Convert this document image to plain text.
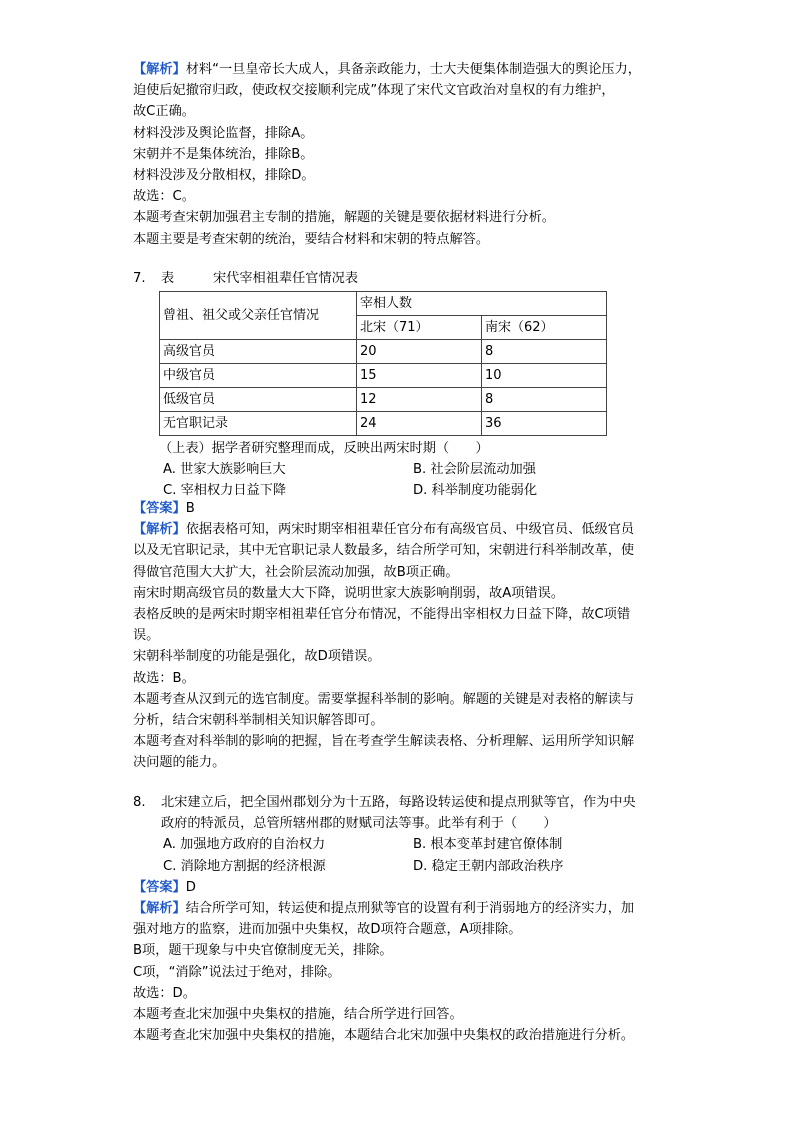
【解析】材料“一旦皇帝长大成人，具备亲政能力，士大夫便集体制造强大的舆论压力，
迫使后妃撤帘归政，使政权交接顺利完成”体现了宋代文官政治对皇权的有力维护，
故C正确。
材料没涉及舆论监督，排除A。
宋朝并不是集体统治，排除B。
材料没涉及分散相权，排除D。
故选：C。
本题考查宋朝加强君主专制的措施，解题的关键是要依据材料进行分析。
本题主要是考查宋朝的统治，要结合材料和宋朝的特点解答。
7. 表	宋代宰相祖辈任官情况表
曾祖、祖父或父亲任官情况	宰相人数	
	北宋（71）	南宋（62）
高级官员	20	8
中级官员	15	10
低级官员	12	8
无官职记录	24	36
（上表）据学者研究整理而成，反映出两宋时期（　　）
A. 世家大族影响巨大	B. 社会阶层流动加强
C. 宰相权力日益下降	D. 科举制度功能弱化
【答案】B
【解析】依据表格可知，两宋时期宰相祖辈任官分布有高级官员、中级官员、低级官员
以及无官职记录，其中无官职记录人数最多，结合所学可知，宋朝进行科举制改革，使
得做官范围大大扩大，社会阶层流动加强，故B项正确。
南宋时期高级官员的数量大大下降，说明世家大族影响削弱，故A项错误。
表格反映的是两宋时期宰相祖辈任官分布情况，不能得出宰相权力日益下降，故C项错
误。
宋朝科举制度的功能是强化，故D项错误。
故选：B。
本题考查从汉到元的选官制度。需要掌握科举制的影响。解题的关键是对表格的解读与
分析，结合宋朝科举制相关知识解答即可。
本题考查对科举制的影响的把握，旨在考查学生解读表格、分析理解、运用所学知识解
决问题的能力。
8. 北宋建立后，把全国州郡划分为十五路，每路设转运使和提点刑狱等官，作为中央
政府的特派员，总管所辖州郡的财赋司法等事。此举有利于（　　）
A. 加强地方政府的自治权力	B. 根本变革封建官僚体制
C. 消除地方割据的经济根源	D. 稳定王朝内部政治秩序
【答案】D
【解析】结合所学可知，转运使和提点刑狱等官的设置有利于消弱地方的经济实力，加
强对地方的监察，进而加强中央集权，故D项符合题意，A项排除。
B项，题干现象与中央官僚制度无关，排除。
C项，“消除”说法过于绝对，排除。
故选：D。
本题考查北宋加强中央集权的措施，结合所学进行回答。
本题考查北宋加强中央集权的措施，本题结合北宋加强中央集权的政治措施进行分析。
